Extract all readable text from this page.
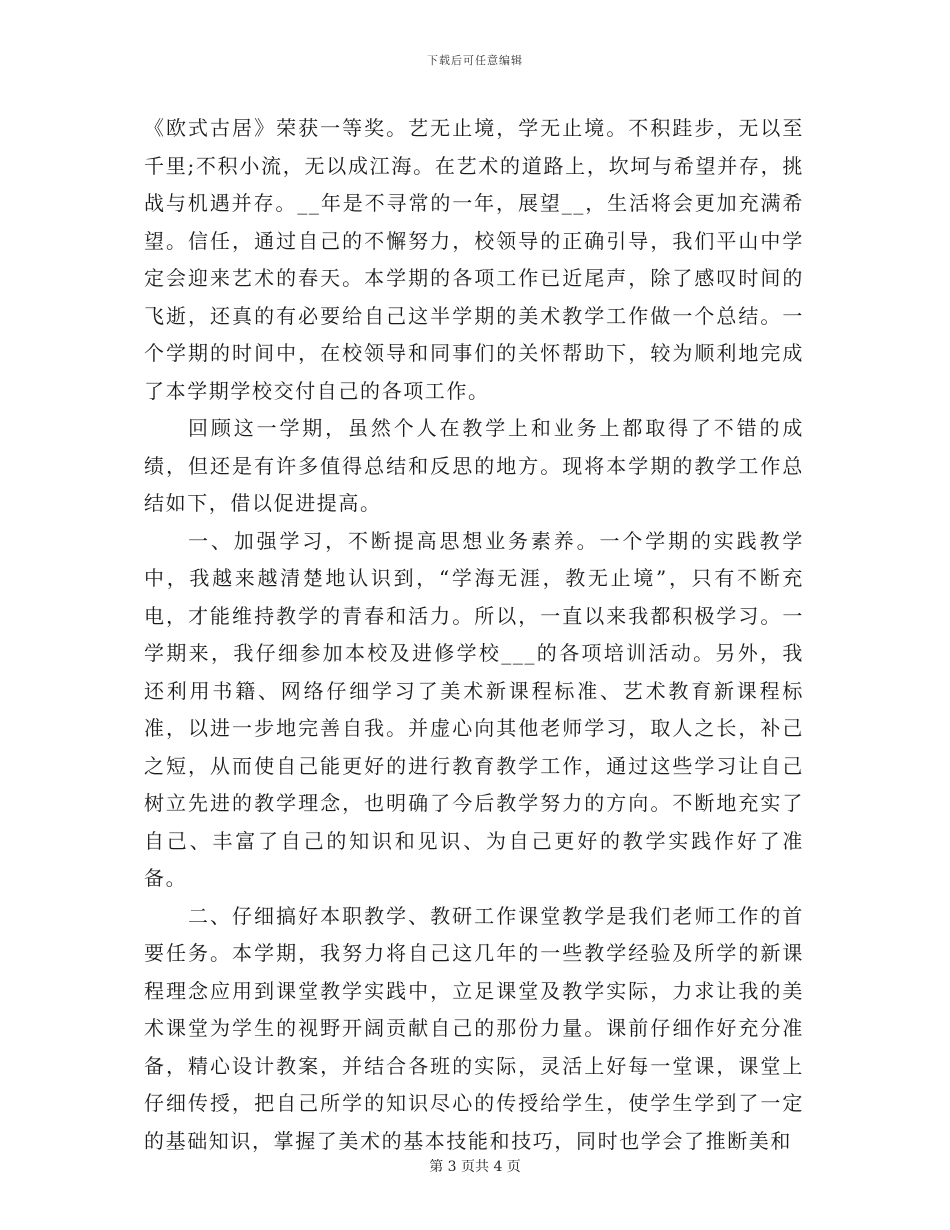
下载后可任意编辑

《欧式古居》荣获一等奖。艺无止境，学无止境。不积跬步，无以至千里;不积小流，无以成江海。在艺术的道路上，坎坷与希望并存，挑战与机遇并存。__年是不寻常的一年，展望__，生活将会更加充满希望。信任，通过自己的不懈努力，校领导的正确引导，我们平山中学定会迎来艺术的春天。本学期的各项工作已近尾声，除了感叹时间的飞逝，还真的有必要给自己这半学期的美术教学工作做一个总结。一个学期的时间中，在校领导和同事们的关怀帮助下，较为顺利地完成了本学期学校交付自己的各项工作。

回顾这一学期，虽然个人在教学上和业务上都取得了不错的成绩，但还是有许多值得总结和反思的地方。现将本学期的教学工作总结如下，借以促进提高。

一、加强学习，不断提高思想业务素养。一个学期的实践教学中，我越来越清楚地认识到，“学海无涯，教无止境”，只有不断充电，才能维持教学的青春和活力。所以，一直以来我都积极学习。一学期来，我仔细参加本校及进修学校___的各项培训活动。另外，我还利用书籍、网络仔细学习了美术新课程标准、艺术教育新课程标准，以进一步地完善自我。并虚心向其他老师学习，取人之长，补己之短，从而使自己能更好的进行教育教学工作，通过这些学习让自己树立先进的教学理念，也明确了今后教学努力的方向。不断地充实了自己、丰富了自己的知识和见识、为自己更好的教学实践作好了准备。

二、仔细搞好本职教学、教研工作课堂教学是我们老师工作的首要任务。本学期，我努力将自己这几年的一些教学经验及所学的新课程理念应用到课堂教学实践中，立足课堂及教学实际，力求让我的美术课堂为学生的视野开阔贡献自己的那份力量。课前仔细作好充分准备，精心设计教案，并结合各班的实际，灵活上好每一堂课，课堂上仔细传授，把自己所学的知识尽心的传授给学生，使学生学到了一定的基础知识，掌握了美术的基本技能和技巧，同时也学会了推断美和

第 3 页共 4 页
